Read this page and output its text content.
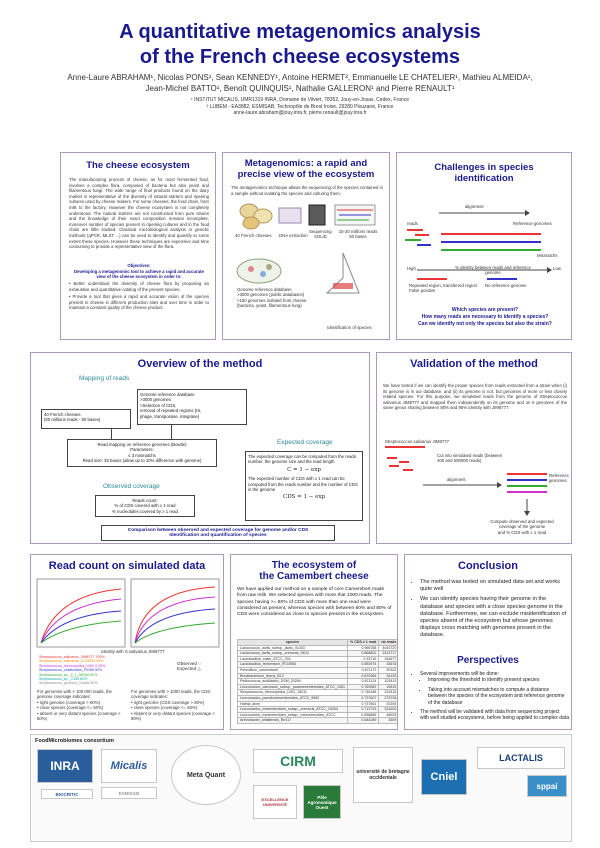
A quantitative metagenomics analysis
of the French cheese ecosystems
Anne-Laure ABRAHAM¹, Nicolas PONS¹, Sean KENNEDY¹, Antoine HERMET², Emmanuelle LE CHATELIER¹, Mathieu ALMEIDA¹,
Jean-Michel BATTO¹, Benoît QUINQUIS¹, Nathalie GALLERON¹ and Pierre RENAULT¹
¹ INSTITUT MICALIS, UMR1319 INRA, Domaine de Vilvert, 78352, Jouy-en-Josas, Cedex, France
² LUBEM - EA3882, ESMISAB, Technopôle de Brest Iroise, 29280 Plouzané, France
anne-laure.abraham@jouy.inra.fr, pierre.renault@jouy.inra.fr
The cheese ecosystem
The manufacturing process of cheese, as for most fermented food, involves a complex flora, composed of bacteria but also yeast and filamentous fungi. The wide range of final products found on the dairy market is representative of the diversity of natural starters and ripening cultures used by cheese makers. For some cheeses, the food chain, from milk to the factory. However the cheese ecosystem is not completely understood. The natural starters are not constructed from pure strains and the knowledge of their exact composition remains incomplete, moreover number of species present in ripening cultures and in the food chain are little studied. Classical microbiological analysis or genetic methods (qPCR, MLST ...) can be used to identify and quantify to some extent these species. However these techniques are expensive and time consuming to provide a representative view of the flora.
Objectives:
Developing a metagenomic tool to achieve a rapid and accurate view of the cheese ecosystem in order to:
• Better understand the diversity of cheese flora by proposing an exhaustive and quantitative catalog of the present species.
• Provide a tool that gives a rapid and accurate vision of the species present in cheese in different production sites and over time in order to maintain a constant quality of the cheese product.
Metagenomics: a rapid and
precise view of the ecosystem
The metagenomics technique allows the sequencing of the species contained in a sample without isolating the species and culturing them.
40 French cheeses DNA extraction
Sequencing
SOLiD
15-20 millions reads
50 bases
Genome reference database
>3000 genomes (public databases)
>150 genomes isolated from cheese
(bacteria, yeast, filamentous fung)
Identification of species
Challenges in species
identification
alignment
reads	Reference genomes
Mismatchs
High	Low
% identity between reads and reference genome
Repeated region, transferred region
False positive
No reference genome
Which species are present?
How many reads are necessary to identify a species?
Can we identify not only the species but also the strain?
Overview of the method
Mapping of reads
40 French cheeses
(50 millions reads - 50 bases)
Genome reference database
>3000 genomes
>Selection of CDS,
removal of repeated regions (IS,
phage, transposase, integrase)
Read mapping on reference genomes (Bowtie)
Parameters:
≤ 3 mismatchs
Read size: 35 bases (allow up to 10% difference with genome)
Observed coverage
Reads count:
% of CDS covered with ≥ 1 read
% nucleotides covered by ≥ 1 read
Expected coverage
The expected coverage can be computed from the reads number, the genome size and the read length
C = 1 − exp
The expected number of CDS with ≥ 1 read can be computed from the reads number and the number of CDS in the genome
CDS = 1 − exp
Comparison between observed and expected coverage for genome and/or CDS
Identification and quantification of species
Validation of the method
We have tested if we can identify the proper species from reads extracted from a strain when (i) its genome is in our database, and (ii) its genome is not, but genomes of more or less closely related species. For this purpose, we simulated reads from the genome of Streptococcus salivarius JIM8777 and mapped them independently on its genome and on 6 genomes of the same genus sharing between 80% and 95% identity with JIM8777.
Streptococcus salivarius JIM8777
Cut into simulated reads (between
400 and 500000 reads)
alignment
Reference
genomes
Compute observed and expected
coverage of the genome
and % CDS with ≥ 1 read
Read count on simulated data
Identity with S.salivarius JIM8777
Streptococcus_salivarius_JIM8777 100%
Streptococcus_salivarius_CCHSS3 95%
Streptococcus_thermophilus_LMD-9 93%
Streptococcus_vestibularis_F0396 92%
Streptococcus_sp._2_1_36FAA 90%
Streptococcus_sp._C150 82%
Streptococcus_gordonii_Challis 80%
Observed ○
Expected △
For genomes with > 100 000 reads, the genome coverage indicates:
• right genome (coverage > 60%)
• close species (coverage <= 50%)
• absent or very distant species (coverage < 50%)
For genomes with > 1000 reads, the CDS coverage indicates:
• right genome (CDS coverage > 80%)
• close species (coverage <= 60%)
• Absent or very distant species (coverage < 60%)
The ecosystem of
the Camembert cheese
We have applied our method on a sample of core Camembert made from raw milk. We selected species with more that 1000 reads. The species having >= 80% of CDS with more than one read were considered as present, whereas species with between 60% and 80% of CDS were considered as close to species present in the ecosystem.
species	% CDS ≥ 1 read	nb reads
Lactococcus_lactis_subsp._lactis_Il1403	0.966788	4043720
Lactococcus_lactis_subsp._cremoris_SK11	0.868802	2413717
Lactobacillus_casei_ATCC_334	0.93716	154677
Lactobacillus_fermentum_IFO3956	0.853974	33678
Penicillium_camemberti	0.871173	40322
Brevibacterium_linens_BL2	0.870365	34139
Pediococcus_acidilactici_DSM_20284	0.871124	103413
Leuconostoc_carnosum_subsp._paramesenteroides_ATCC_1451	0.769982	19615
Streptococcus_thermophilus_LMG_18311	0.748188	220415
Leuconostoc_pseudomesenteroides_ATCC_9952	0.737607	273738
Hafnia_alvei	0.737561	20294
Leuconostoc_mesenteroides_subsp._cremoris_ATCC_19254	0.713733	331620
Leuconostoc_mesenteroides_subsp._mesenteroides_ATCC	0.658885	48934
Arthrobacter_arilaitensis_Re117	0.644289	3509
Conclusion
• The method was tested on simulated data set and works quite well
• We can identify species having their genome in the database and species with a close species genome in the database. Furthermore, we can exclude misidentification of species absent of the ecosystem but whose genomes displays cross matching with genomes present in the database.
Perspectives
• Several improvements will be done:
• Improving the threshold to identify present species
• Taking into account mismatches to compute a distance between the species of the ecosystem and reference genome of the database
• The method will be validated with data from sequencing project with well studied ecosystems, before being applied to complex data
FoodMicrobiomes consortium
INRA	Micalis
ESMISAB
Meta Quant
CIRM
université de bretagne occidentale	Cniel
LACTALIS
sppai
Pôle Agronomique Ouest
BIOCRITIC
EXCELLENCE UNIVERSITÉ
